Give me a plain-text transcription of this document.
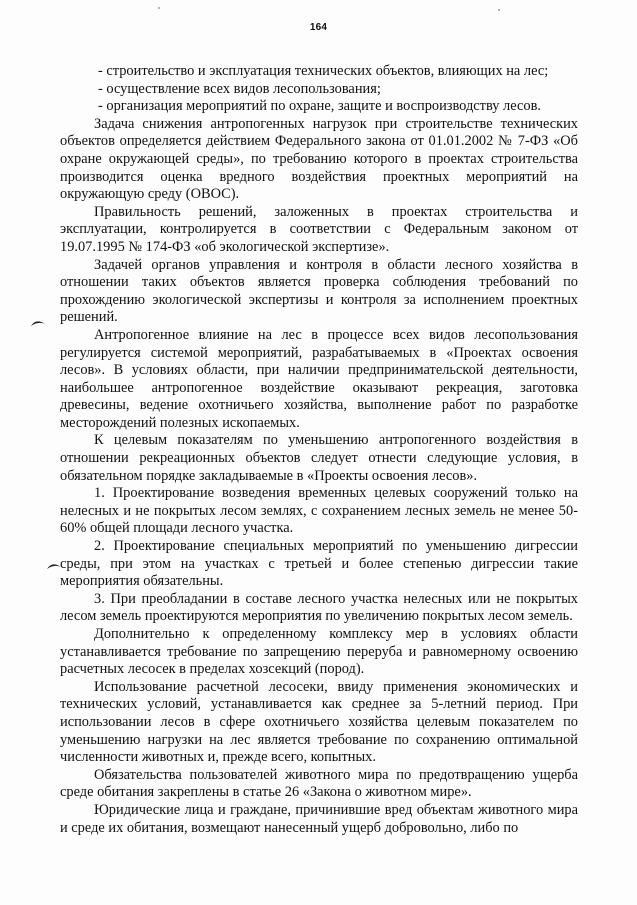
164

- строительство и эксплуатация технических объектов, влияющих на лес;

- осуществление всех видов лесопользования;

- организация мероприятий по охране, защите и воспроизводству лесов.

Задача снижения антропогенных нагрузок при строительстве технических объектов определяется действием Федерального закона от 01.01.2002 № 7-ФЗ «Об охране окружающей среды», по требованию которого в проектах строительства производится оценка вредного воздействия проектных мероприятий на окружающую среду (ОВОС).

Правильность решений, заложенных в проектах строительства и эксплуатации, контролируется в соответствии с Федеральным законом от 19.07.1995 № 174-ФЗ «об экологической экспертизе».

Задачей органов управления и контроля в области лесного хозяйства в отношении таких объектов является проверка соблюдения требований по прохождению экологической экспертизы и контроля за исполнением проектных решений.

Антропогенное влияние на лес в процессе всех видов лесопользования регулируется системой мероприятий, разрабатываемых в «Проектах освоения лесов». В условиях области, при наличии предпринимательской деятельности, наибольшее антропогенное воздействие оказывают рекреация, заготовка древесины, ведение охотничьего хозяйства, выполнение работ по разработке месторождений полезных ископаемых.

К целевым показателям по уменьшению антропогенного воздействия в отношении рекреационных объектов следует отнести следующие условия, в обязательном порядке закладываемые в «Проекты освоения лесов».

1. Проектирование возведения временных целевых сооружений только на нелесных и не покрытых лесом землях, с сохранением лесных земель не менее 50-60% общей площади лесного участка.

2. Проектирование специальных мероприятий по уменьшению дигрессии среды, при этом на участках с третьей и более степенью дигрессии такие мероприятия обязательны.

3. При преобладании в составе лесного участка нелесных или не покрытых лесом земель проектируются мероприятия по увеличению покрытых лесом земель.

Дополнительно к определенному комплексу мер в условиях области устанавливается требование по запрещению переруба и равномерному освоению расчетных лесосек в пределах хозсекций (пород).

Использование расчетной лесосеки, ввиду применения экономических и технических условий, устанавливается как среднее за 5-летний период. При использовании лесов в сфере охотничьего хозяйства целевым показателем по уменьшению нагрузки на лес является требование по сохранению оптимальной численности животных и, прежде всего, копытных.

Обязательства пользователей животного мира по предотвращению ущерба среде обитания закреплены в статье 26 «Закона о животном мире».

Юридические лица и граждане, причинившие вред объектам животного мира и среде их обитания, возмещают нанесенный ущерб добровольно, либо по
